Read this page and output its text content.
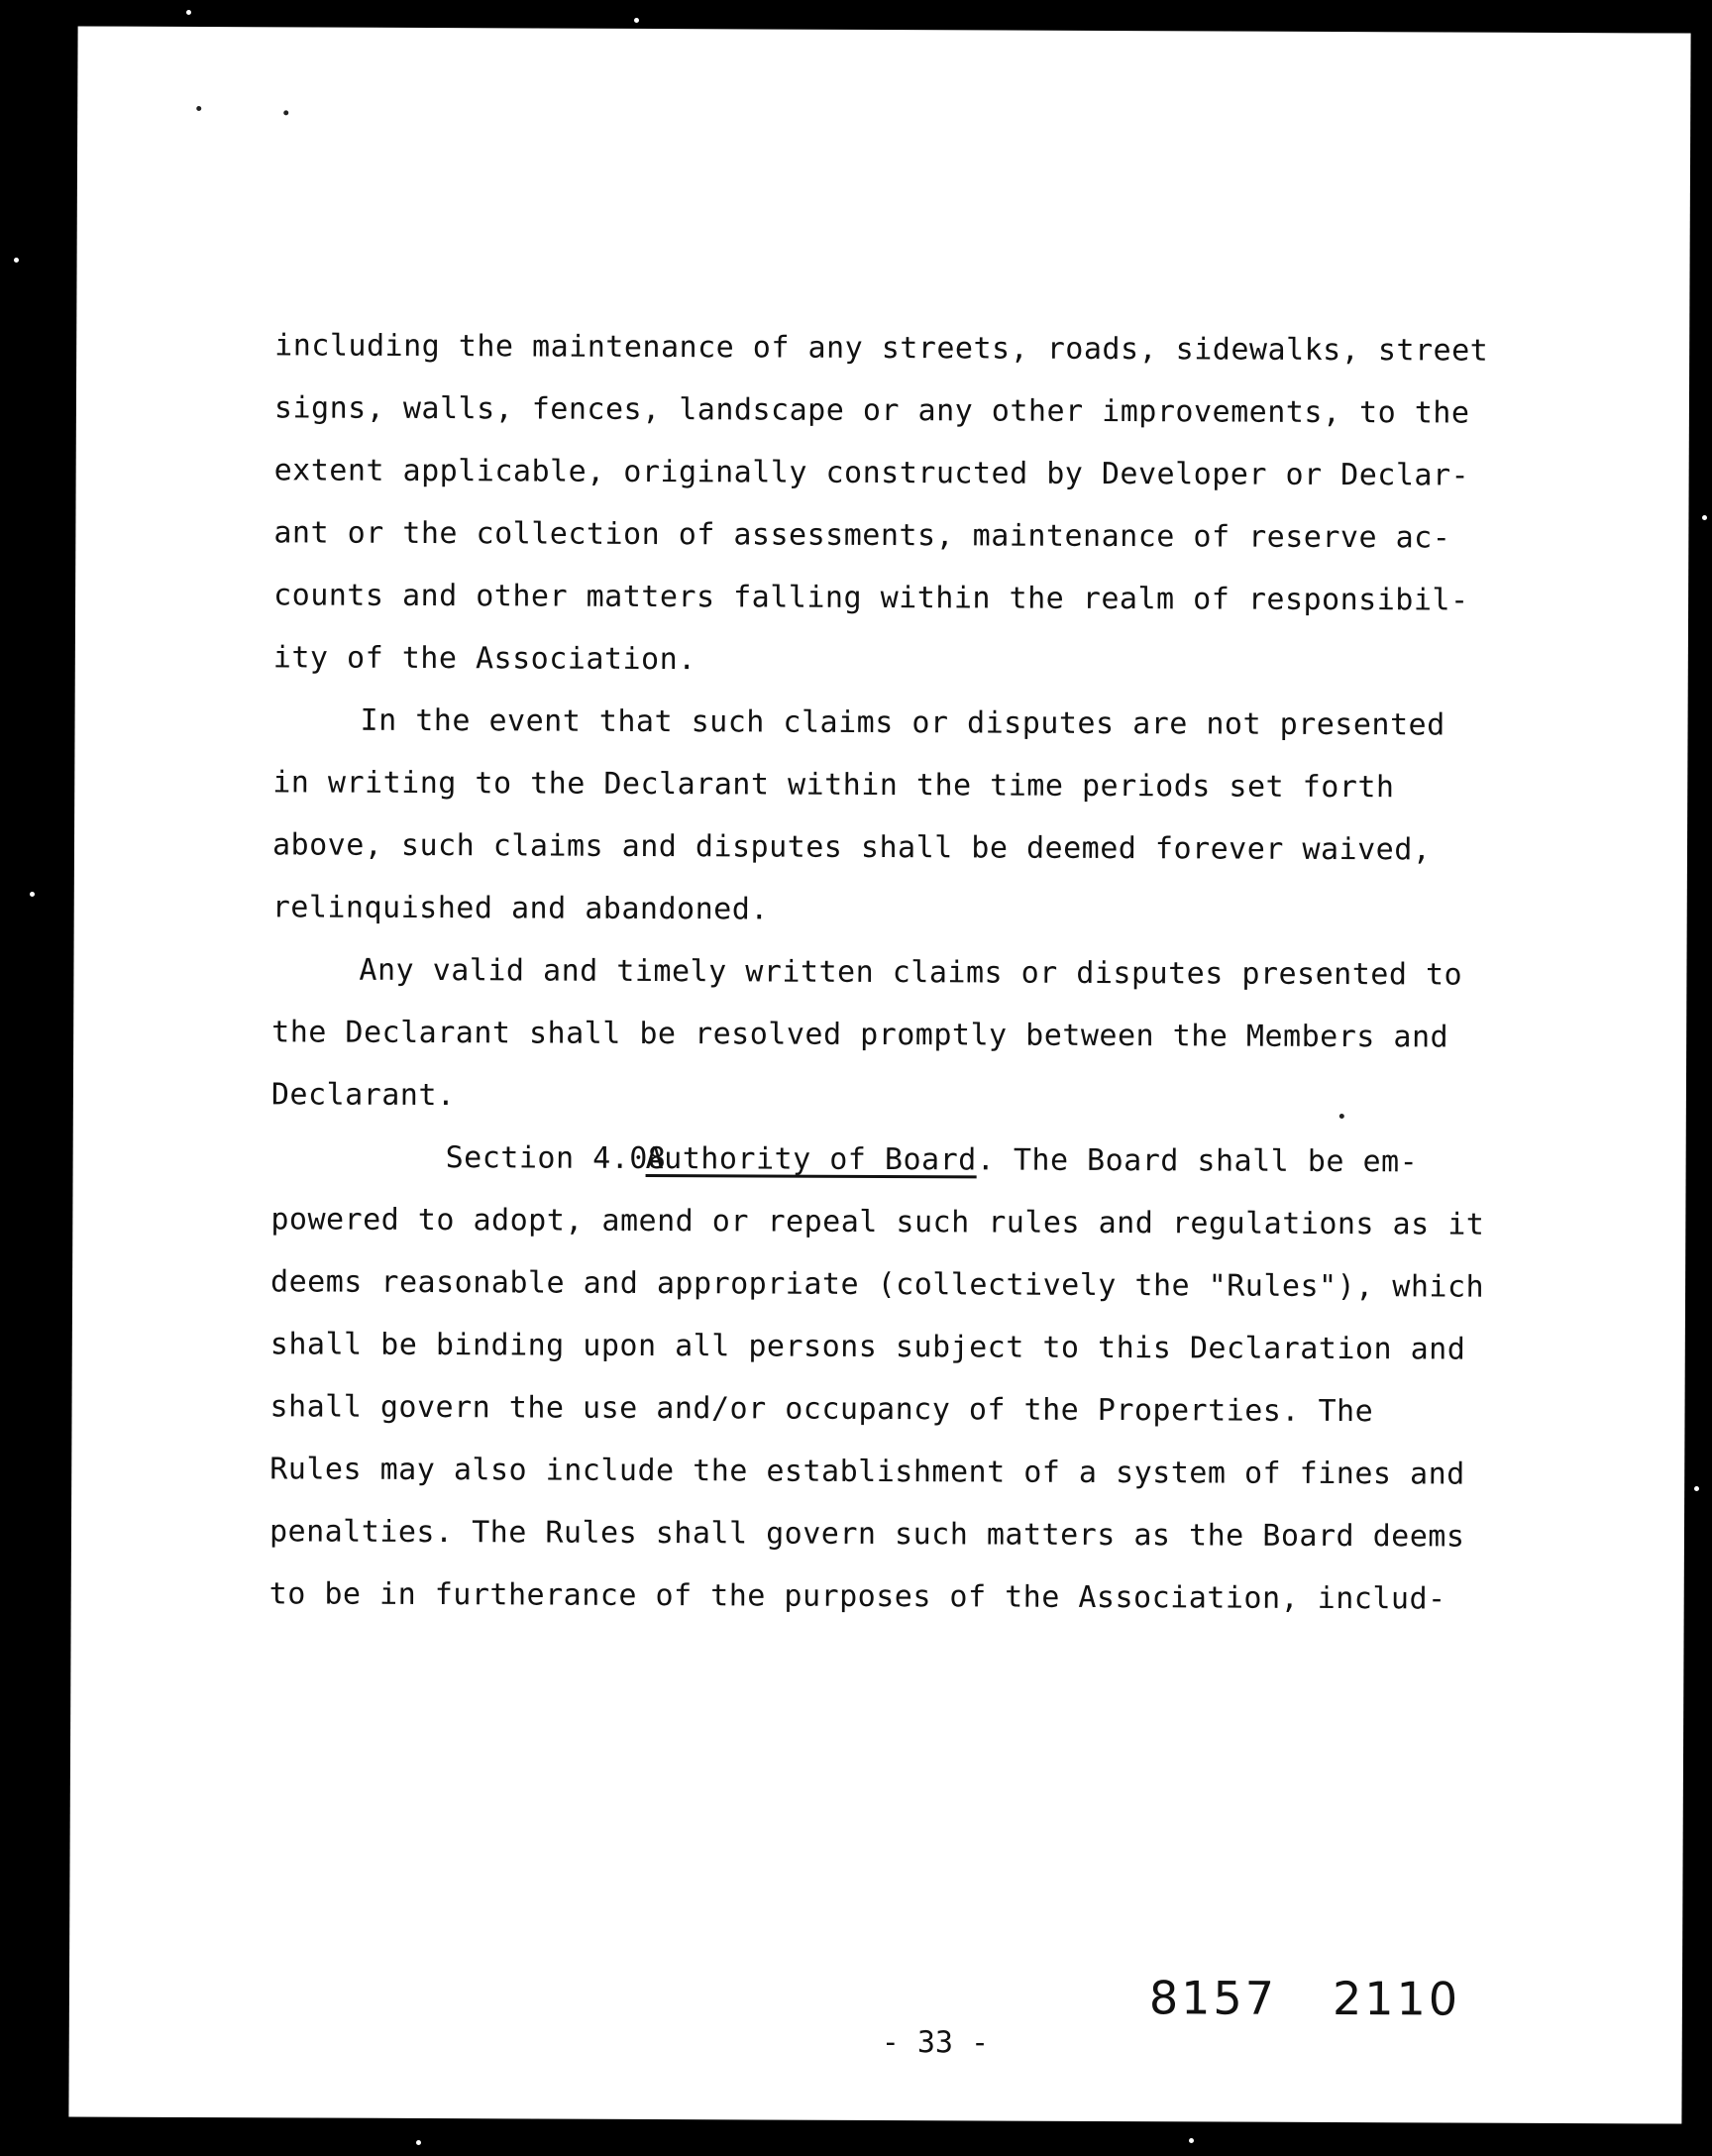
including the maintenance of any streets, roads, sidewalks, street

signs, walls, fences, landscape or any other improvements, to the

extent applicable, originally constructed by Developer or Declar-

ant or the collection of assessments, maintenance of reserve ac-

counts and other matters falling within the realm of responsibil-

ity of the Association.

In the event that such claims or disputes are not presented

in writing to the Declarant within the time periods set forth

above, such claims and disputes shall be deemed forever waived,

relinquished and abandoned.

Any valid and timely written claims or disputes presented to

the Declarant shall be resolved promptly between the Members and

Declarant.

Section 4.08Authority of Board. The Board shall be em-

powered to adopt, amend or repeal such rules and regulations as it

deems reasonable and appropriate (collectively the "Rules"), which

shall be binding upon all persons subject to this Declaration and

shall govern the use and/or occupancy of the Properties. The

Rules may also include the establishment of a system of fines and

penalties. The Rules shall govern such matters as the Board deems

to be in furtherance of the purposes of the Association, includ-

8157 2110
- 33 -
